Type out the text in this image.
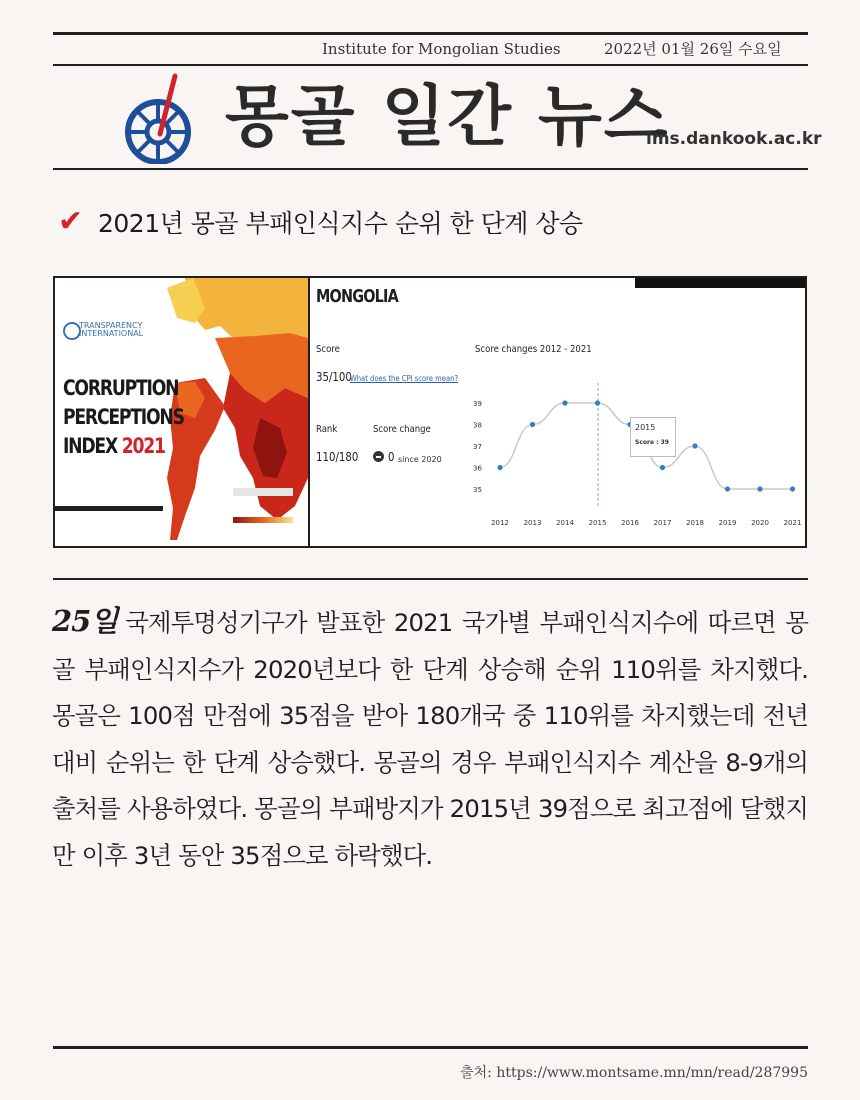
Institute for Mongolian Studies	2022년 01월 26일 수요일
몽골 일간 뉴스
ims.dankook.ac.kr
✔ 2021년 몽골 부패인식지수 순위 한 단계 상승
TRANSPARENCY
INTERNATIONAL
CORRUPTION
PERCEPTIONS
INDEX 2021
MONGOLIA
Score
35/100
What does the CPI score mean?
Rank
110/180
Score change
0 since 2020
Score changes 2012 - 2021
39
38
37
36
35
2012 2013 2014 2015 2016 2017 2018 2019 2020 2021
2015
Score : 39
25일 국제투명성기구가 발표한 2021 국가별 부패인식지수에 따르면 몽골 부패인식지수가 2020년보다 한 단계 상승해 순위 110위를 차지했다. 몽골은 100점 만점에 35점을 받아 180개국 중 110위를 차지했는데 전년 대비 순위는 한 단계 상승했다. 몽골의 경우 부패인식지수 계산을 8-9개의 출처를 사용하였다. 몽골의 부패방지가 2015년 39점으로 최고점에 달했지만 이후 3년 동안 35점으로 하락했다.
출처: https://www.montsame.mn/mn/read/287995
